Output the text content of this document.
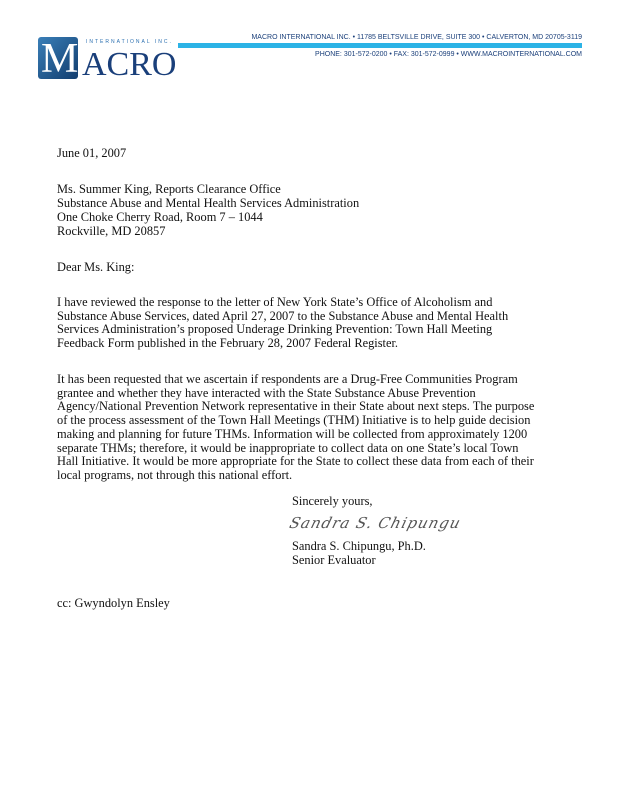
M ACRO
INTERNATIONAL INC.
MACRO INTERNATIONAL INC. • 11785 BELTSVILLE DRIVE, SUITE 300 • CALVERTON, MD 20705-3119
PHONE: 301-572-0200 • FAX: 301-572-0999 • WWW.MACROINTERNATIONAL.COM
June 01, 2007
Ms. Summer King, Reports Clearance Office
Substance Abuse and Mental Health Services Administration
One Choke Cherry Road, Room 7 – 1044
Rockville, MD 20857
Dear Ms. King:
I have reviewed the response to the letter of New York State’s Office of Alcoholism and
Substance Abuse Services, dated April 27, 2007 to the Substance Abuse and Mental Health
Services Administration’s proposed Underage Drinking Prevention: Town Hall Meeting
Feedback Form published in the February 28, 2007 Federal Register.
It has been requested that we ascertain if respondents are a Drug-Free Communities Program
grantee and whether they have interacted with the State Substance Abuse Prevention
Agency/National Prevention Network representative in their State about next steps. The purpose
of the process assessment of the Town Hall Meetings (THM) Initiative is to help guide decision
making and planning for future THMs. Information will be collected from approximately 1200
separate THMs; therefore, it would be inappropriate to collect data on one State’s local Town
Hall Initiative. It would be more appropriate for the State to collect these data from each of their
local programs, not through this national effort.
Sincerely yours,
Sandra S. Chipungu
Sandra S. Chipungu, Ph.D.
Senior Evaluator
cc: Gwyndolyn Ensley
